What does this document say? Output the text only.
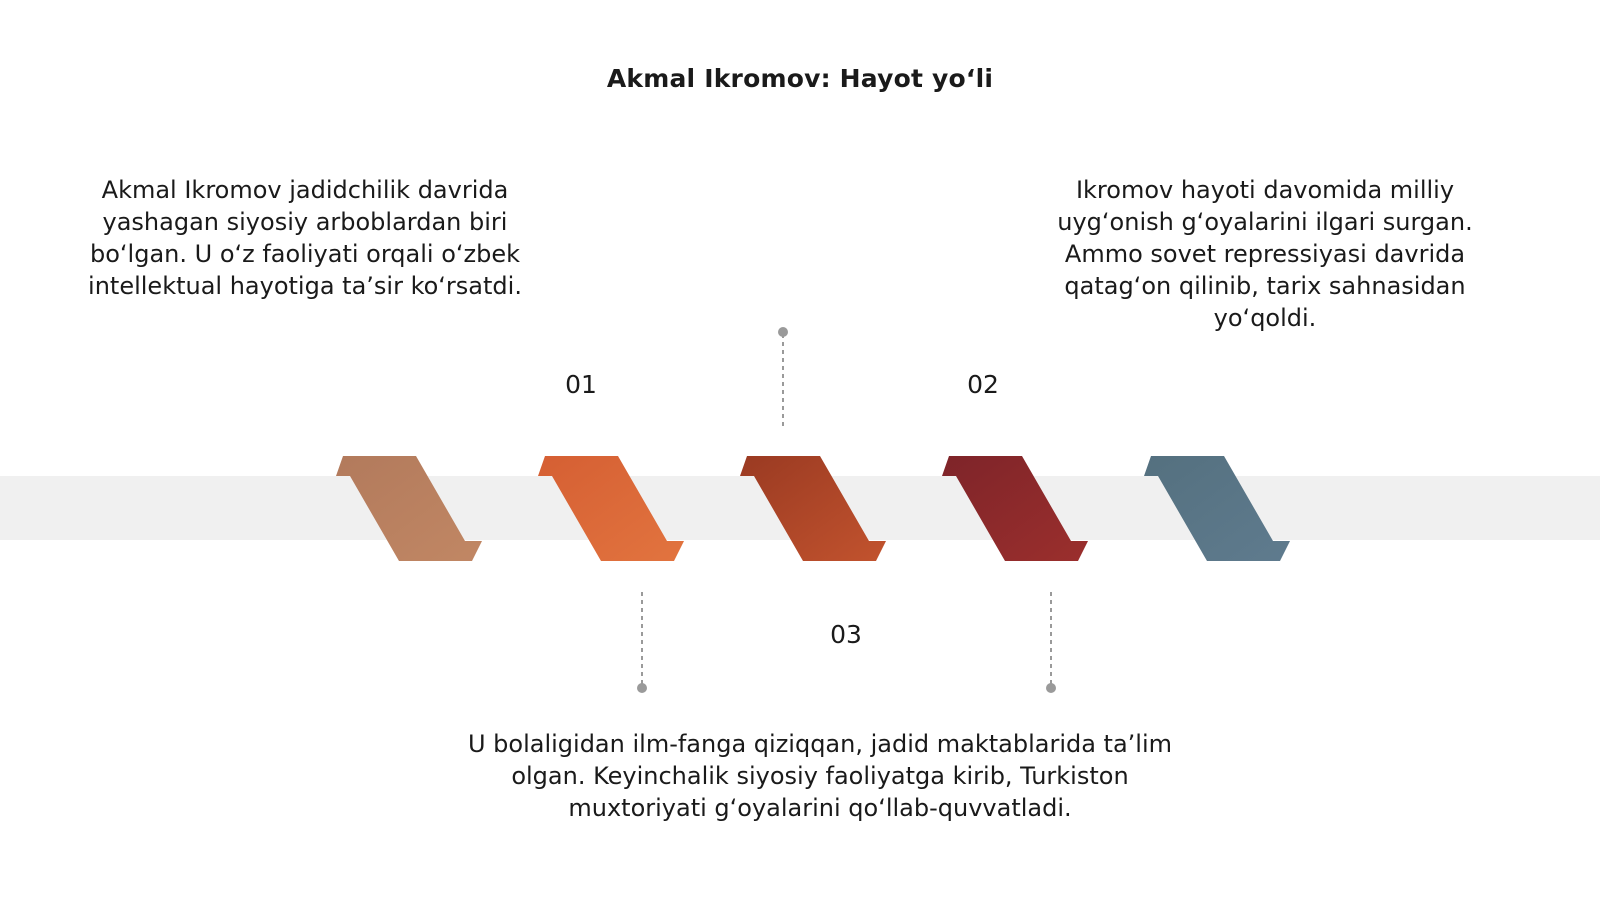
Akmal Ikromov: Hayot yo‘li
Akmal Ikromov jadidchilik davrida yashagan siyosiy arboblardan biri bo‘lgan. U o‘z faoliyati orqali o‘zbek intellektual hayotiga ta’sir ko‘rsatdi.
Ikromov hayoti davomida milliy uyg‘onish g‘oyalarini ilgari surgan. Ammo sovet repressiyasi davrida qatag‘on qilinib, tarix sahnasidan yo‘qoldi.
U bolaligidan ilm-fanga qiziqqan, jadid maktablarida ta’lim olgan. Keyinchalik siyosiy faoliyatga kirib, Turkiston muxtoriyati g‘oyalarini qo‘llab-quvvatladi.
01	02
03
